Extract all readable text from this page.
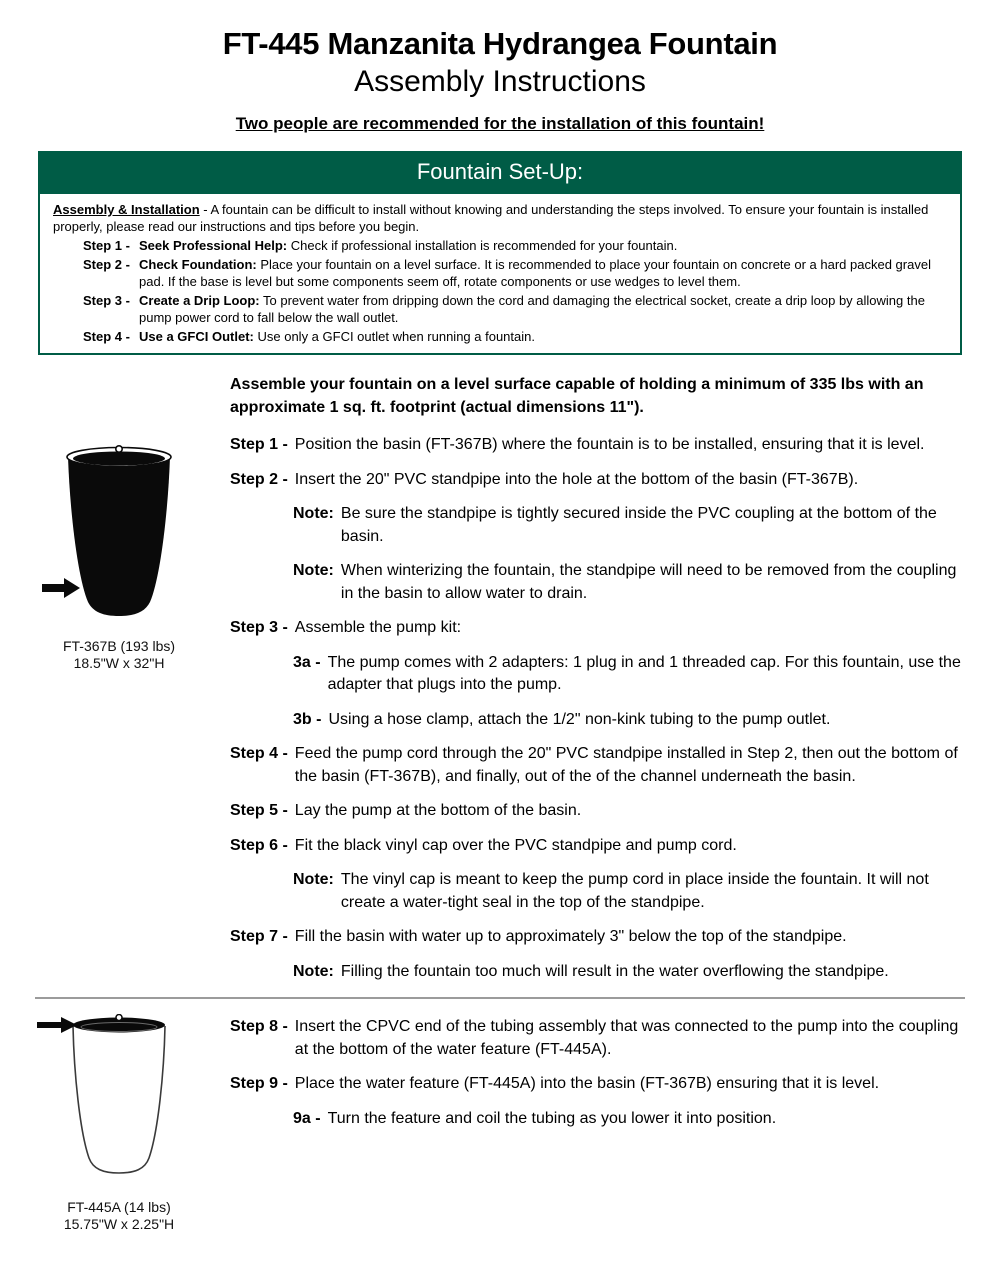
FT-445 Manzanita Hydrangea Fountain
Assembly Instructions
Two people are recommended for the installation of this fountain!
Fountain Set-Up:
Assembly & Installation - A fountain can be difficult to install without knowing and understanding the steps involved. To ensure your fountain is installed properly, please read our instructions and tips before you begin.
Step 1 - Seek Professional Help: Check if professional installation is recommended for your fountain.
Step 2 - Check Foundation: Place your fountain on a level surface. It is recommended to place your fountain on concrete or a hard packed gravel pad. If the base is level but some components seem off, rotate components or use wedges to level them.
Step 3 - Create a Drip Loop: To prevent water from dripping down the cord and damaging the electrical socket, create a drip loop by allowing the pump power cord to fall below the wall outlet.
Step 4 - Use a GFCI Outlet: Use only a GFCI outlet when running a fountain.

Assemble your fountain on a level surface capable of holding a minimum of 335 lbs with an approximate 1 sq. ft. footprint (actual dimensions 11").

Step 1 - Position the basin (FT-367B) where the fountain is to be installed, ensuring that it is level.
Step 2 - Insert the 20" PVC standpipe into the hole at the bottom of the basin (FT-367B).
Note: Be sure the standpipe is tightly secured inside the PVC coupling at the bottom of the basin.
Note: When winterizing the fountain, the standpipe will need to be removed from the coupling in the basin to allow water to drain.
Step 3 - Assemble the pump kit:
3a - The pump comes with 2 adapters: 1 plug in and 1 threaded cap. For this fountain, use the adapter that plugs into the pump.
3b - Using a hose clamp, attach the 1/2" non-kink tubing to the pump outlet.
Step 4 - Feed the pump cord through the 20" PVC standpipe installed in Step 2, then out the bottom of the basin (FT-367B), and finally, out of the of the channel underneath the basin.
Step 5 - Lay the pump at the bottom of the basin.
Step 6 - Fit the black vinyl cap over the PVC standpipe and pump cord.
Note: The vinyl cap is meant to keep the pump cord in place inside the fountain. It will not create a water-tight seal in the top of the standpipe.
Step 7 - Fill the basin with water up to approximately 3" below the top of the standpipe.
Note: Filling the fountain too much will result in the water overflowing the standpipe.
Step 8 - Insert the CPVC end of the tubing assembly that was connected to the pump into the coupling at the bottom of the water feature (FT-445A).
Step 9 - Place the water feature (FT-445A) into the basin (FT-367B) ensuring that it is level.
9a - Turn the feature and coil the tubing as you lower it into position.
FT-367B (193 lbs)
18.5"W x 32"H
FT-445A (14 lbs)
15.75"W x 2.25"H
